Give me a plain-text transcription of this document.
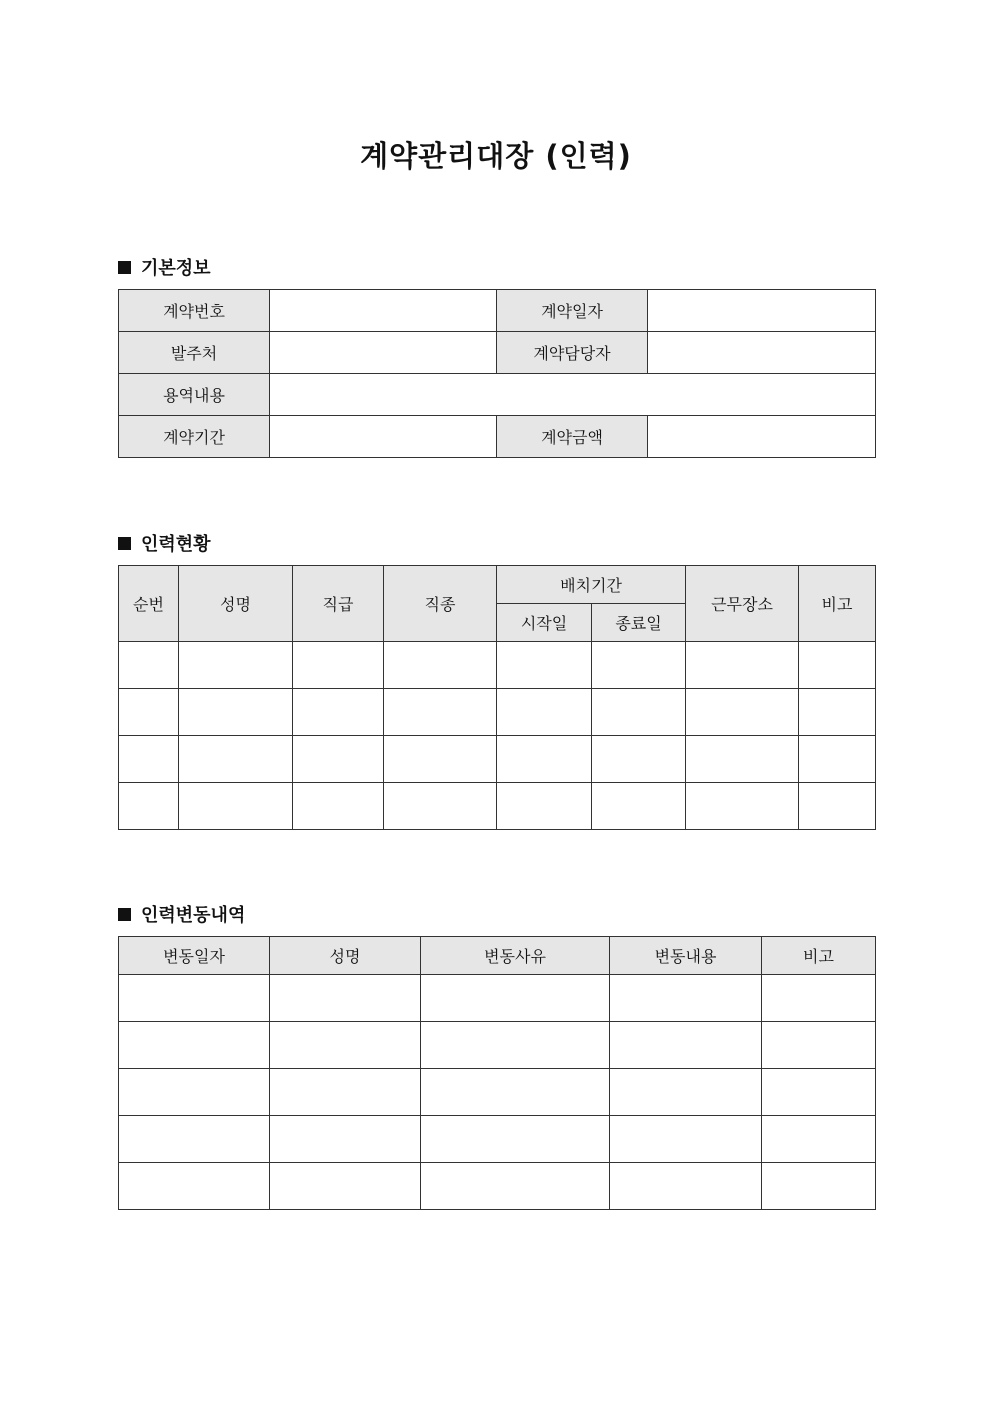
계약관리대장 (인력)
기본정보
계약번호		계약일자	
발주처		계약담당자	
용역내용			
계약기간		계약금액	
인력현황
순번	성명	직급	직종	배치기간		근무장소	비고
				시작일	종료일		

인력변동내역
변동일자	성명	변동사유	변동내용	비고
